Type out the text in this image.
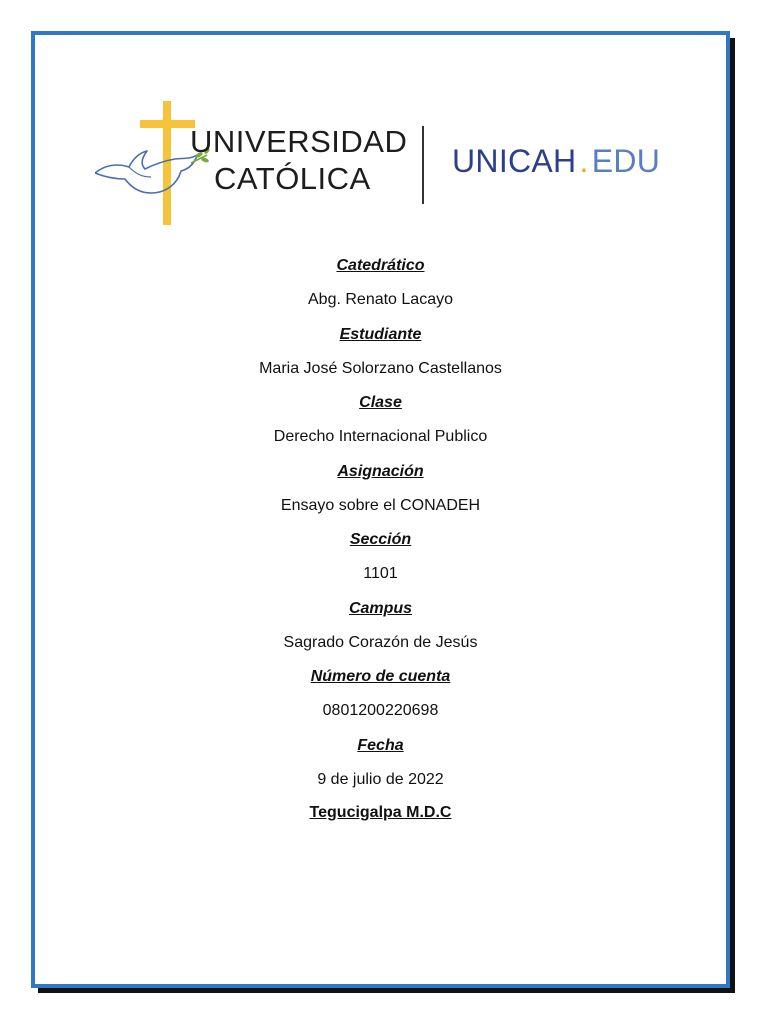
UNIVERSIDAD
CATÓLICA	UNICAH.EDU
Catedrático
Abg. Renato Lacayo
Estudiante
Maria José Solorzano Castellanos
Clase
Derecho Internacional Publico
Asignación
Ensayo sobre el CONADEH
Sección
1101
Campus
Sagrado Corazón de Jesús
Número de cuenta
0801200220698
Fecha
9 de julio de 2022
Tegucigalpa M.D.C
